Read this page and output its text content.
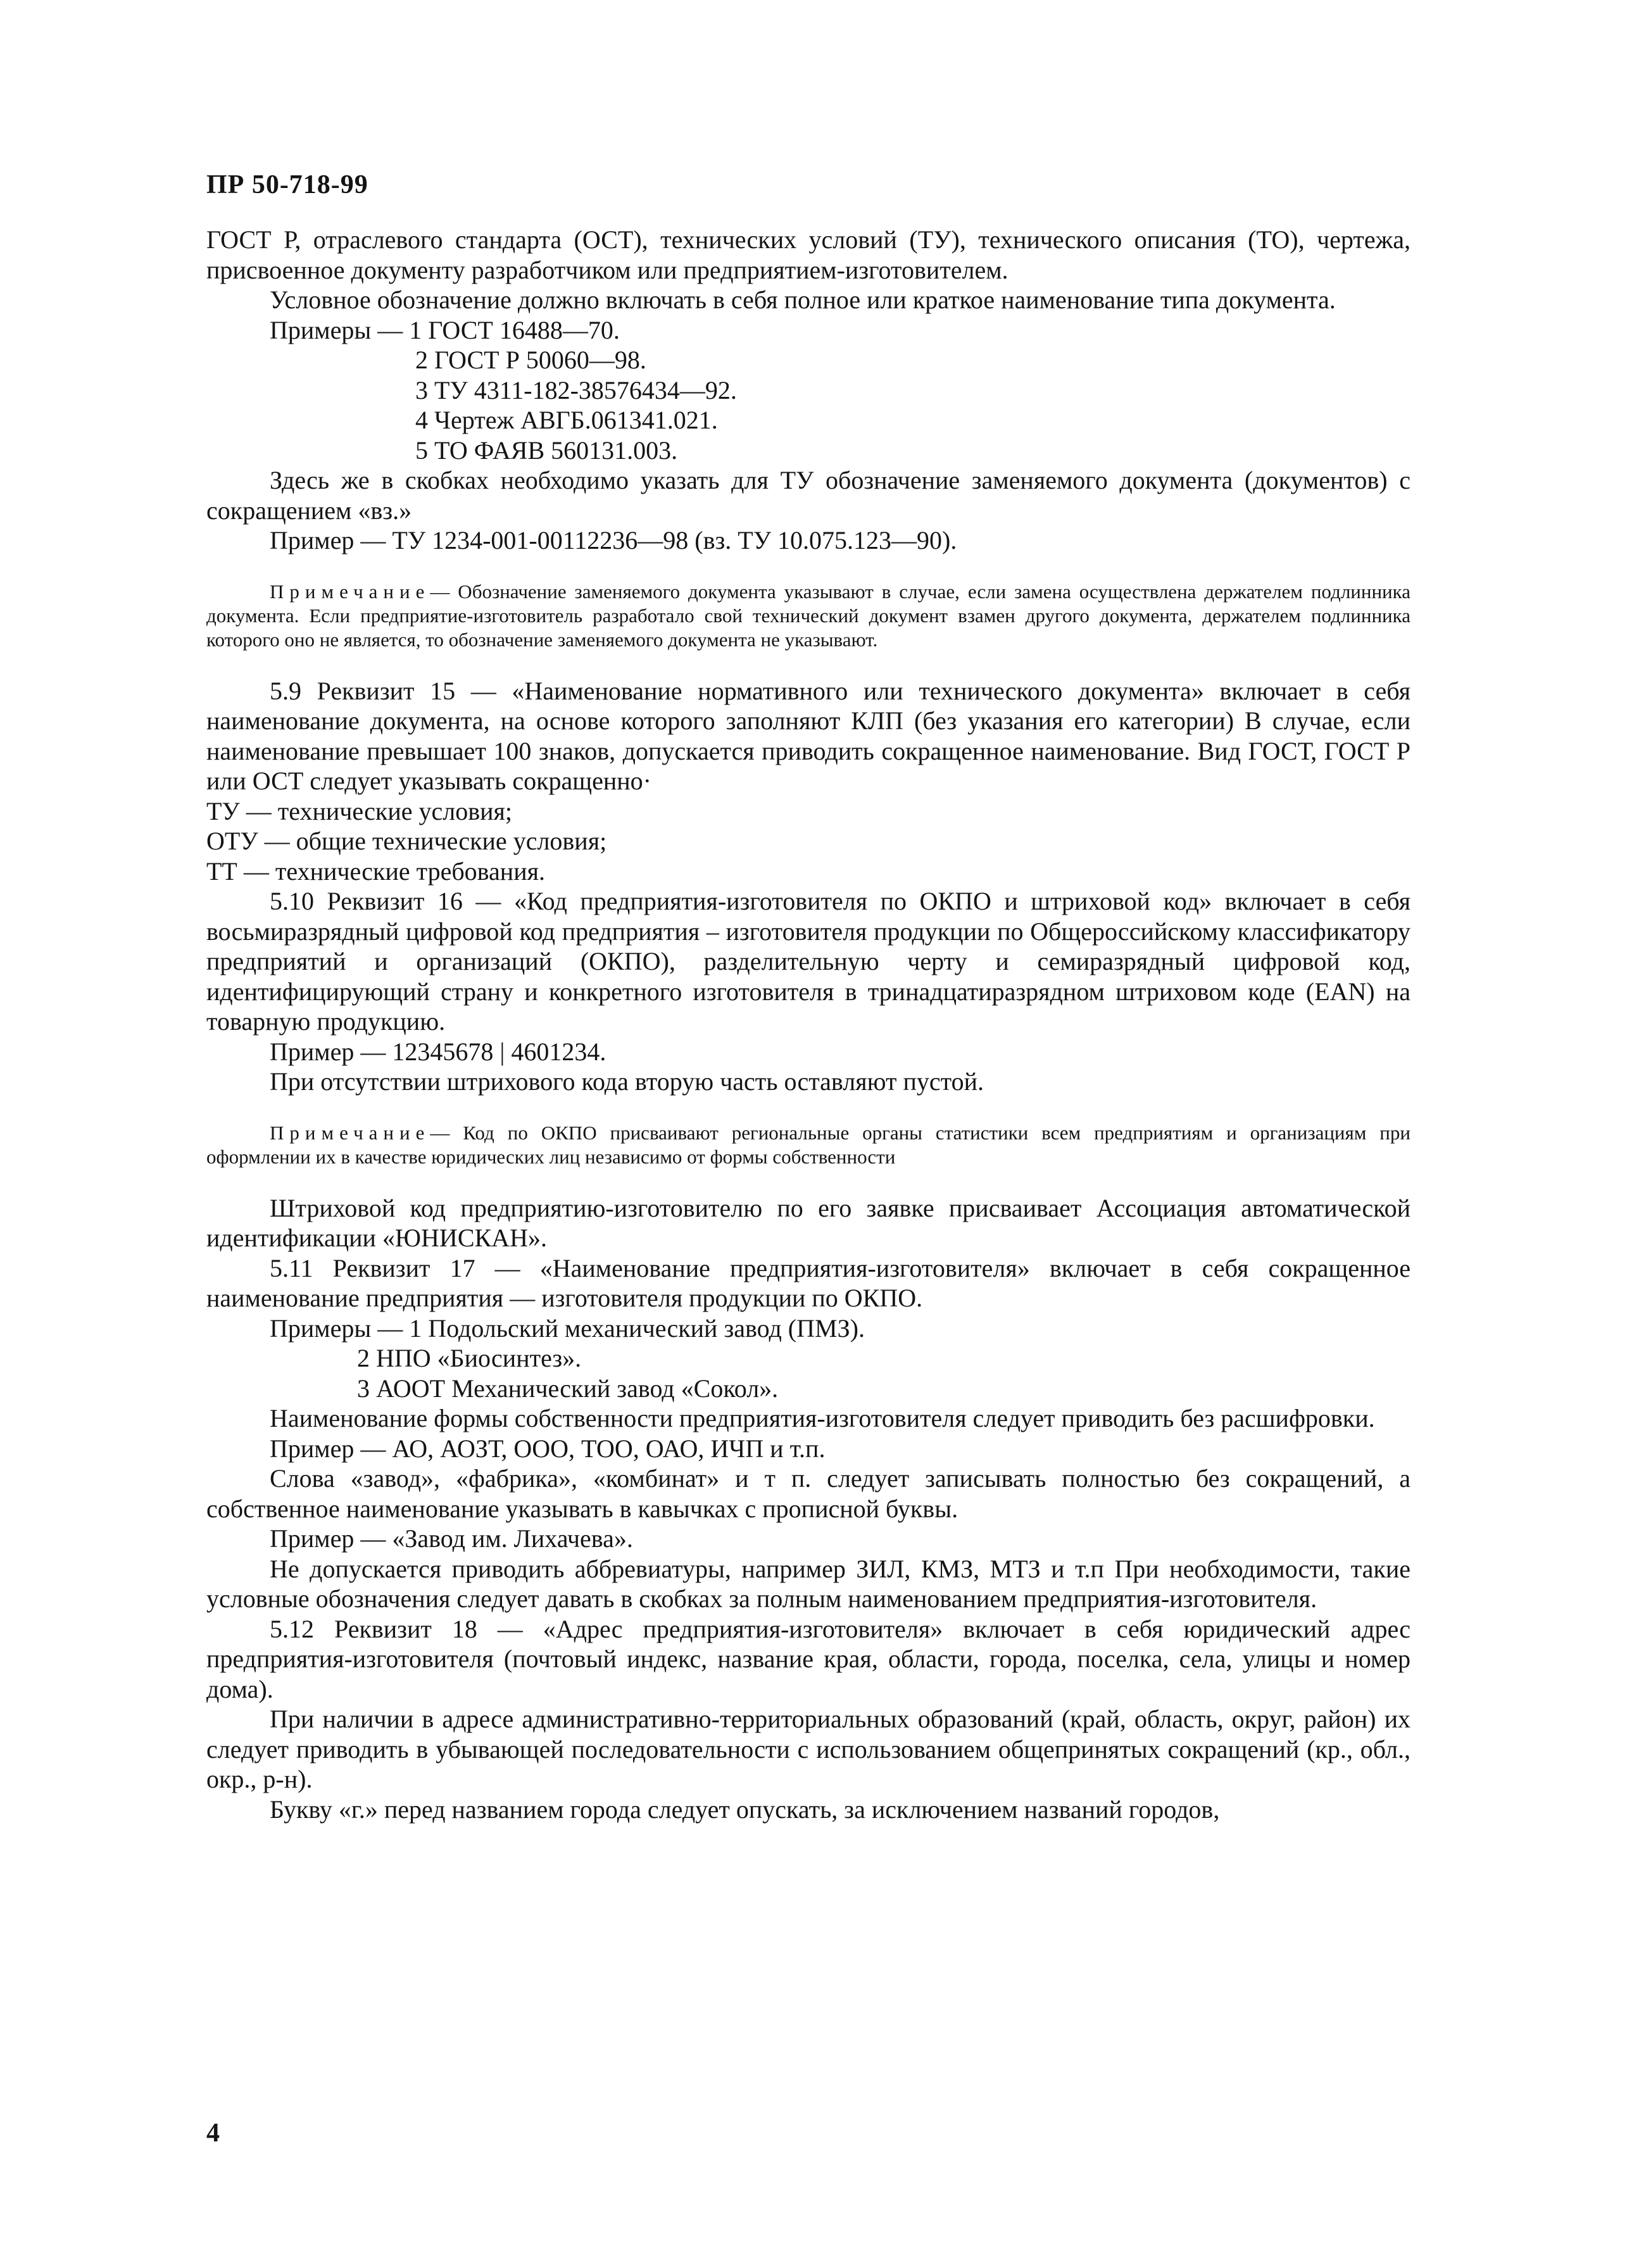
ПР 50-718-99

ГОСТ Р, отраслевого стандарта (ОСТ), технических условий (ТУ), технического описания (ТО), чертежа, присвоенное документу разработчиком или предприятием-изготовителем.

Условное обозначение должно включать в себя полное или краткое наименование типа документа.

Примеры — 1 ГОСТ 16488—70.

2 ГОСТ Р 50060—98.

3 ТУ 4311-182-38576434—92.

4 Чертеж АВГБ.061341.021.

5 ТО ФАЯВ 560131.003.

Здесь же в скобках необходимо указать для ТУ обозначение заменяемого документа (документов) с сокращением «вз.»

Пример — ТУ 1234-001-00112236—98 (вз. ТУ 10.075.123—90).

Примечание— Обозначение заменяемого документа указывают в случае, если замена осуществлена держателем подлинника документа. Если предприятие-изготовитель разработало свой технический документ взамен другого документа, держателем подлинника которого оно не является, то обозначение заменяемого документа не указывают.

5.9 Реквизит 15 — «Наименование нормативного или технического документа» включает в себя наименование документа, на основе которого заполняют КЛП (без указания его категории) В случае, если наименование превышает 100 знаков, допускается приводить сокращенное наименование. Вид ГОСТ, ГОСТ Р или ОСТ следует указывать сокращенно·

ТУ — технические условия;

ОТУ — общие технические условия;

ТТ — технические требования.

5.10 Реквизит 16 — «Код предприятия-изготовителя по ОКПО и штриховой код» включает в себя восьмиразрядный цифровой код предприятия – изготовителя продукции по Общероссийскому классификатору предприятий и организаций (ОКПО), разделительную черту и семиразрядный цифровой код, идентифицирующий страну и конкретного изготовителя в тринадцатиразрядном штриховом коде (EAN) на товарную продукцию.

Пример — 12345678 | 4601234.

При отсутствии штрихового кода вторую часть оставляют пустой.

Примечание— Код по ОКПО присваивают региональные органы статистики всем предприятиям и организациям при оформлении их в качестве юридических лиц независимо от формы собственности

Штриховой код предприятию-изготовителю по его заявке присваивает Ассоциация автоматической идентификации «ЮНИСКАН».

5.11 Реквизит 17 — «Наименование предприятия-изготовителя» включает в себя сокращенное наименование предприятия — изготовителя продукции по ОКПО.

Примеры — 1 Подольский механический завод (ПМЗ).

2 НПО «Биосинтез».

3 АООТ Механический завод «Сокол».

Наименование формы собственности предприятия-изготовителя следует приводить без расшифровки.

Пример — АО, АОЗТ, ООО, ТОО, ОАО, ИЧП и т.п.

Слова «завод», «фабрика», «комбинат» и т п. следует записывать полностью без сокращений, а собственное наименование указывать в кавычках с прописной буквы.

Пример — «Завод им. Лихачева».

Не допускается приводить аббревиатуры, например ЗИЛ, КМЗ, МТЗ и т.п При необходимости, такие условные обозначения следует давать в скобках за полным наименованием предприятия-изготовителя.

5.12 Реквизит 18 — «Адрес предприятия-изготовителя» включает в себя юридический адрес предприятия-изготовителя (почтовый индекс, название края, области, города, поселка, села, улицы и номер дома).

При наличии в адресе административно-территориальных образований (край, область, округ, район) их следует приводить в убывающей последовательности с использованием общепринятых сокращений (кр., обл., окр., р-н).

Букву «г.» перед названием города следует опускать, за исключением названий городов,

4
